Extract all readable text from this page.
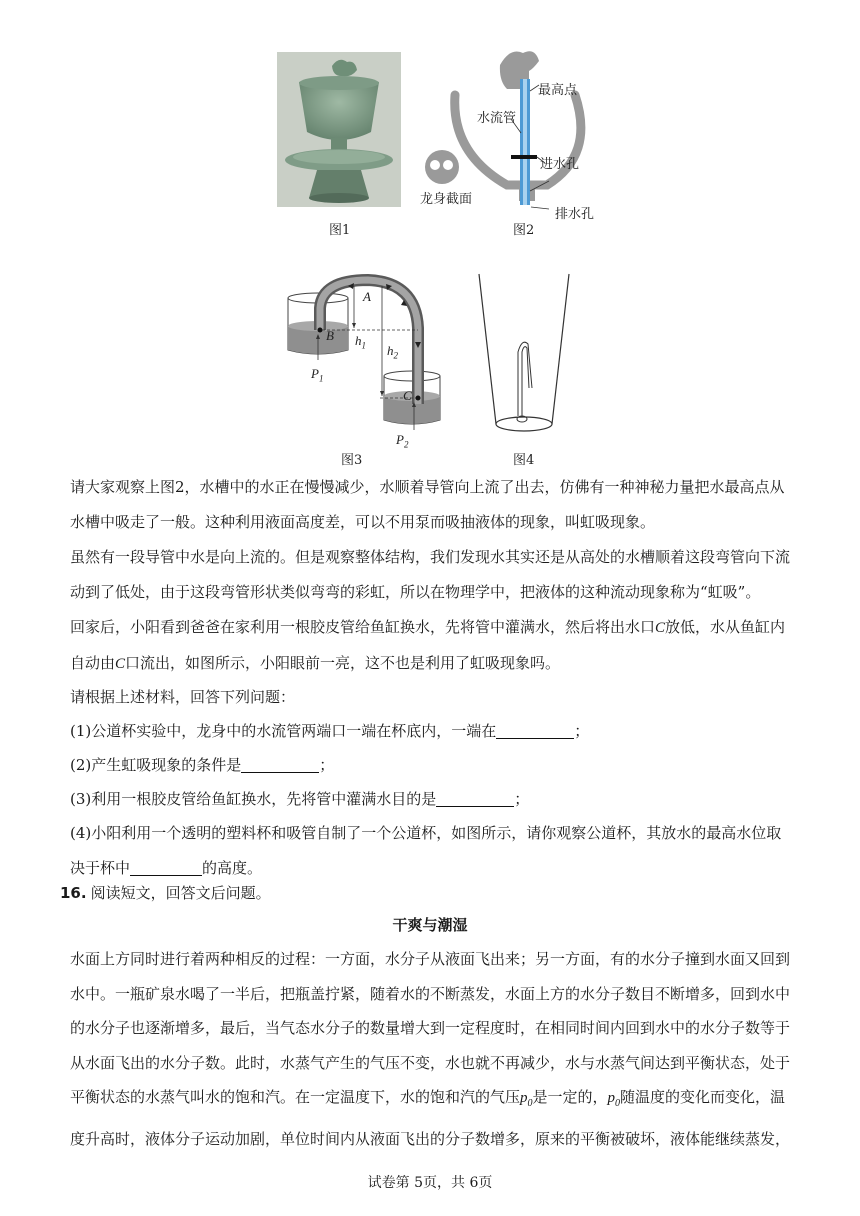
图1
最高点
水流管
进水孔
龙身截面
排水孔
图2
A
B
C
$h_1$ $h_2$
$P_1$
$P_2$
图3	图4
请大家观察上图2，水槽中的水正在慢慢减少，水顺着导管向上流了出去，仿佛有一种神秘力量把水最高点从水槽中吸走了一般。这种利用液面高度差，可以不用泵而吸抽液体的现象，叫虹吸现象。
虽然有一段导管中水是向上流的。但是观察整体结构，我们发现水其实还是从高处的水槽顺着这段弯管向下流动到了低处，由于这段弯管形状类似弯弯的彩虹，所以在物理学中，把液体的这种流动现象称为“虹吸”。
回家后，小阳看到爸爸在家利用一根胶皮管给鱼缸换水，先将管中灌满水，然后将出水口C放低，水从鱼缸内自动由C口流出，如图所示，小阳眼前一亮，这不也是利用了虹吸现象吗。
请根据上述材料，回答下列问题：
(1)公道杯实验中，龙身中的水流管两端口一端在杯底内，一端在	；
(2)产生虹吸现象的条件是	；
(3)利用一根胶皮管给鱼缸换水，先将管中灌满水目的是	；
(4)小阳利用一个透明的塑料杯和吸管自制了一个公道杯，如图所示，请你观察公道杯，其放水的最高水位取决于杯中	的高度。
16. 阅读短文，回答文后问题。
干爽与潮湿
水面上方同时进行着两种相反的过程：一方面，水分子从液面飞出来；另一方面，有的水分子撞到水面又回到水中。一瓶矿泉水喝了一半后，把瓶盖拧紧，随着水的不断蒸发，水面上方的水分子数目不断增多，回到水中的水分子也逐渐增多，最后，当气态水分子的数量增大到一定程度时，在相同时间内回到水中的水分子数等于从水面飞出的水分子数。此时，水蒸气产生的气压不变，水也就不再减少，水与水蒸气间达到平衡状态，处于平衡状态的水蒸气叫水的饱和汽。在一定温度下，水的饱和汽的气压$p_0$是一定的，$p_0$随温度的变化而变化，温度升高时，液体分子运动加剧，单位时间内从液面飞出的分子数增多，原来的平衡被破坏，液体能继续蒸发，
试卷第 5页，共 6页
